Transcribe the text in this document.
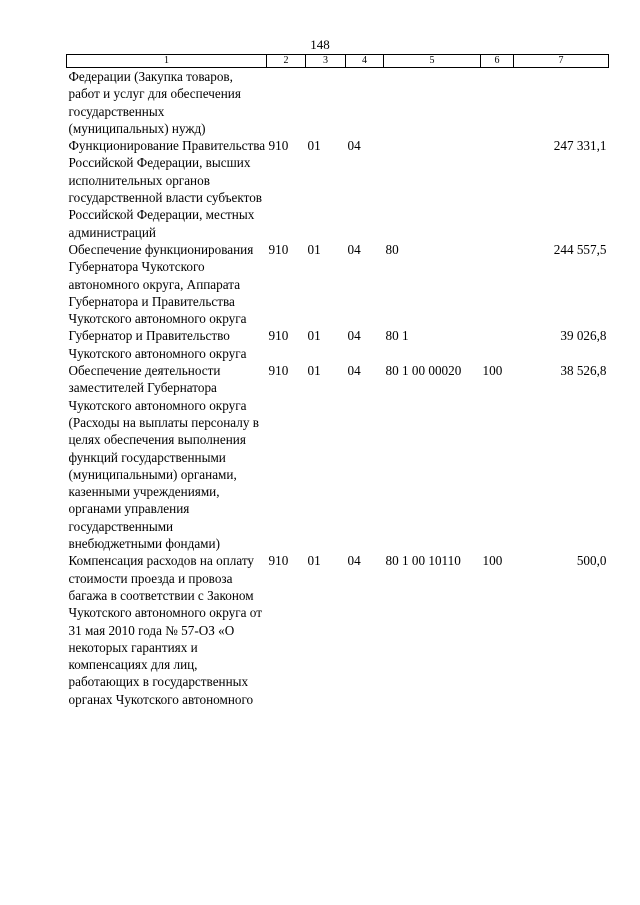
148
1	2	3	4	5	6	7
Федерации (Закупка товаров, работ и услуг для обеспечения государственных (муниципальных) нужд)						
Функционирование Правительства Российской Федерации, высших исполнительных органов государственной власти субъектов Российской Федерации, местных администраций	910	01	04			247 331,1
Обеспечение функционирования Губернатора Чукотского автономного округа, Аппарата Губернатора и Правительства Чукотского автономного округа	910	01	04	80		244 557,5
Губернатор и Правительство Чукотского автономного округа	910	01	04	80 1		39 026,8
Обеспечение деятельности заместителей Губернатора Чукотского автономного округа (Расходы на выплаты персоналу в целях обеспечения выполнения функций государственными (муниципальными) органами, казенными учреждениями, органами управления государственными внебюджетными фондами)	910	01	04	80 1 00 00020	100	38 526,8
Компенсация расходов на оплату стоимости проезда и провоза багажа в соответствии с Законом Чукотского автономного округа от 31 мая 2010 года № 57-ОЗ «О некоторых гарантиях и компенсациях для лиц, работающих в государственных органах Чукотского автономного	910	01	04	80 1 00 10110	100	500,0
